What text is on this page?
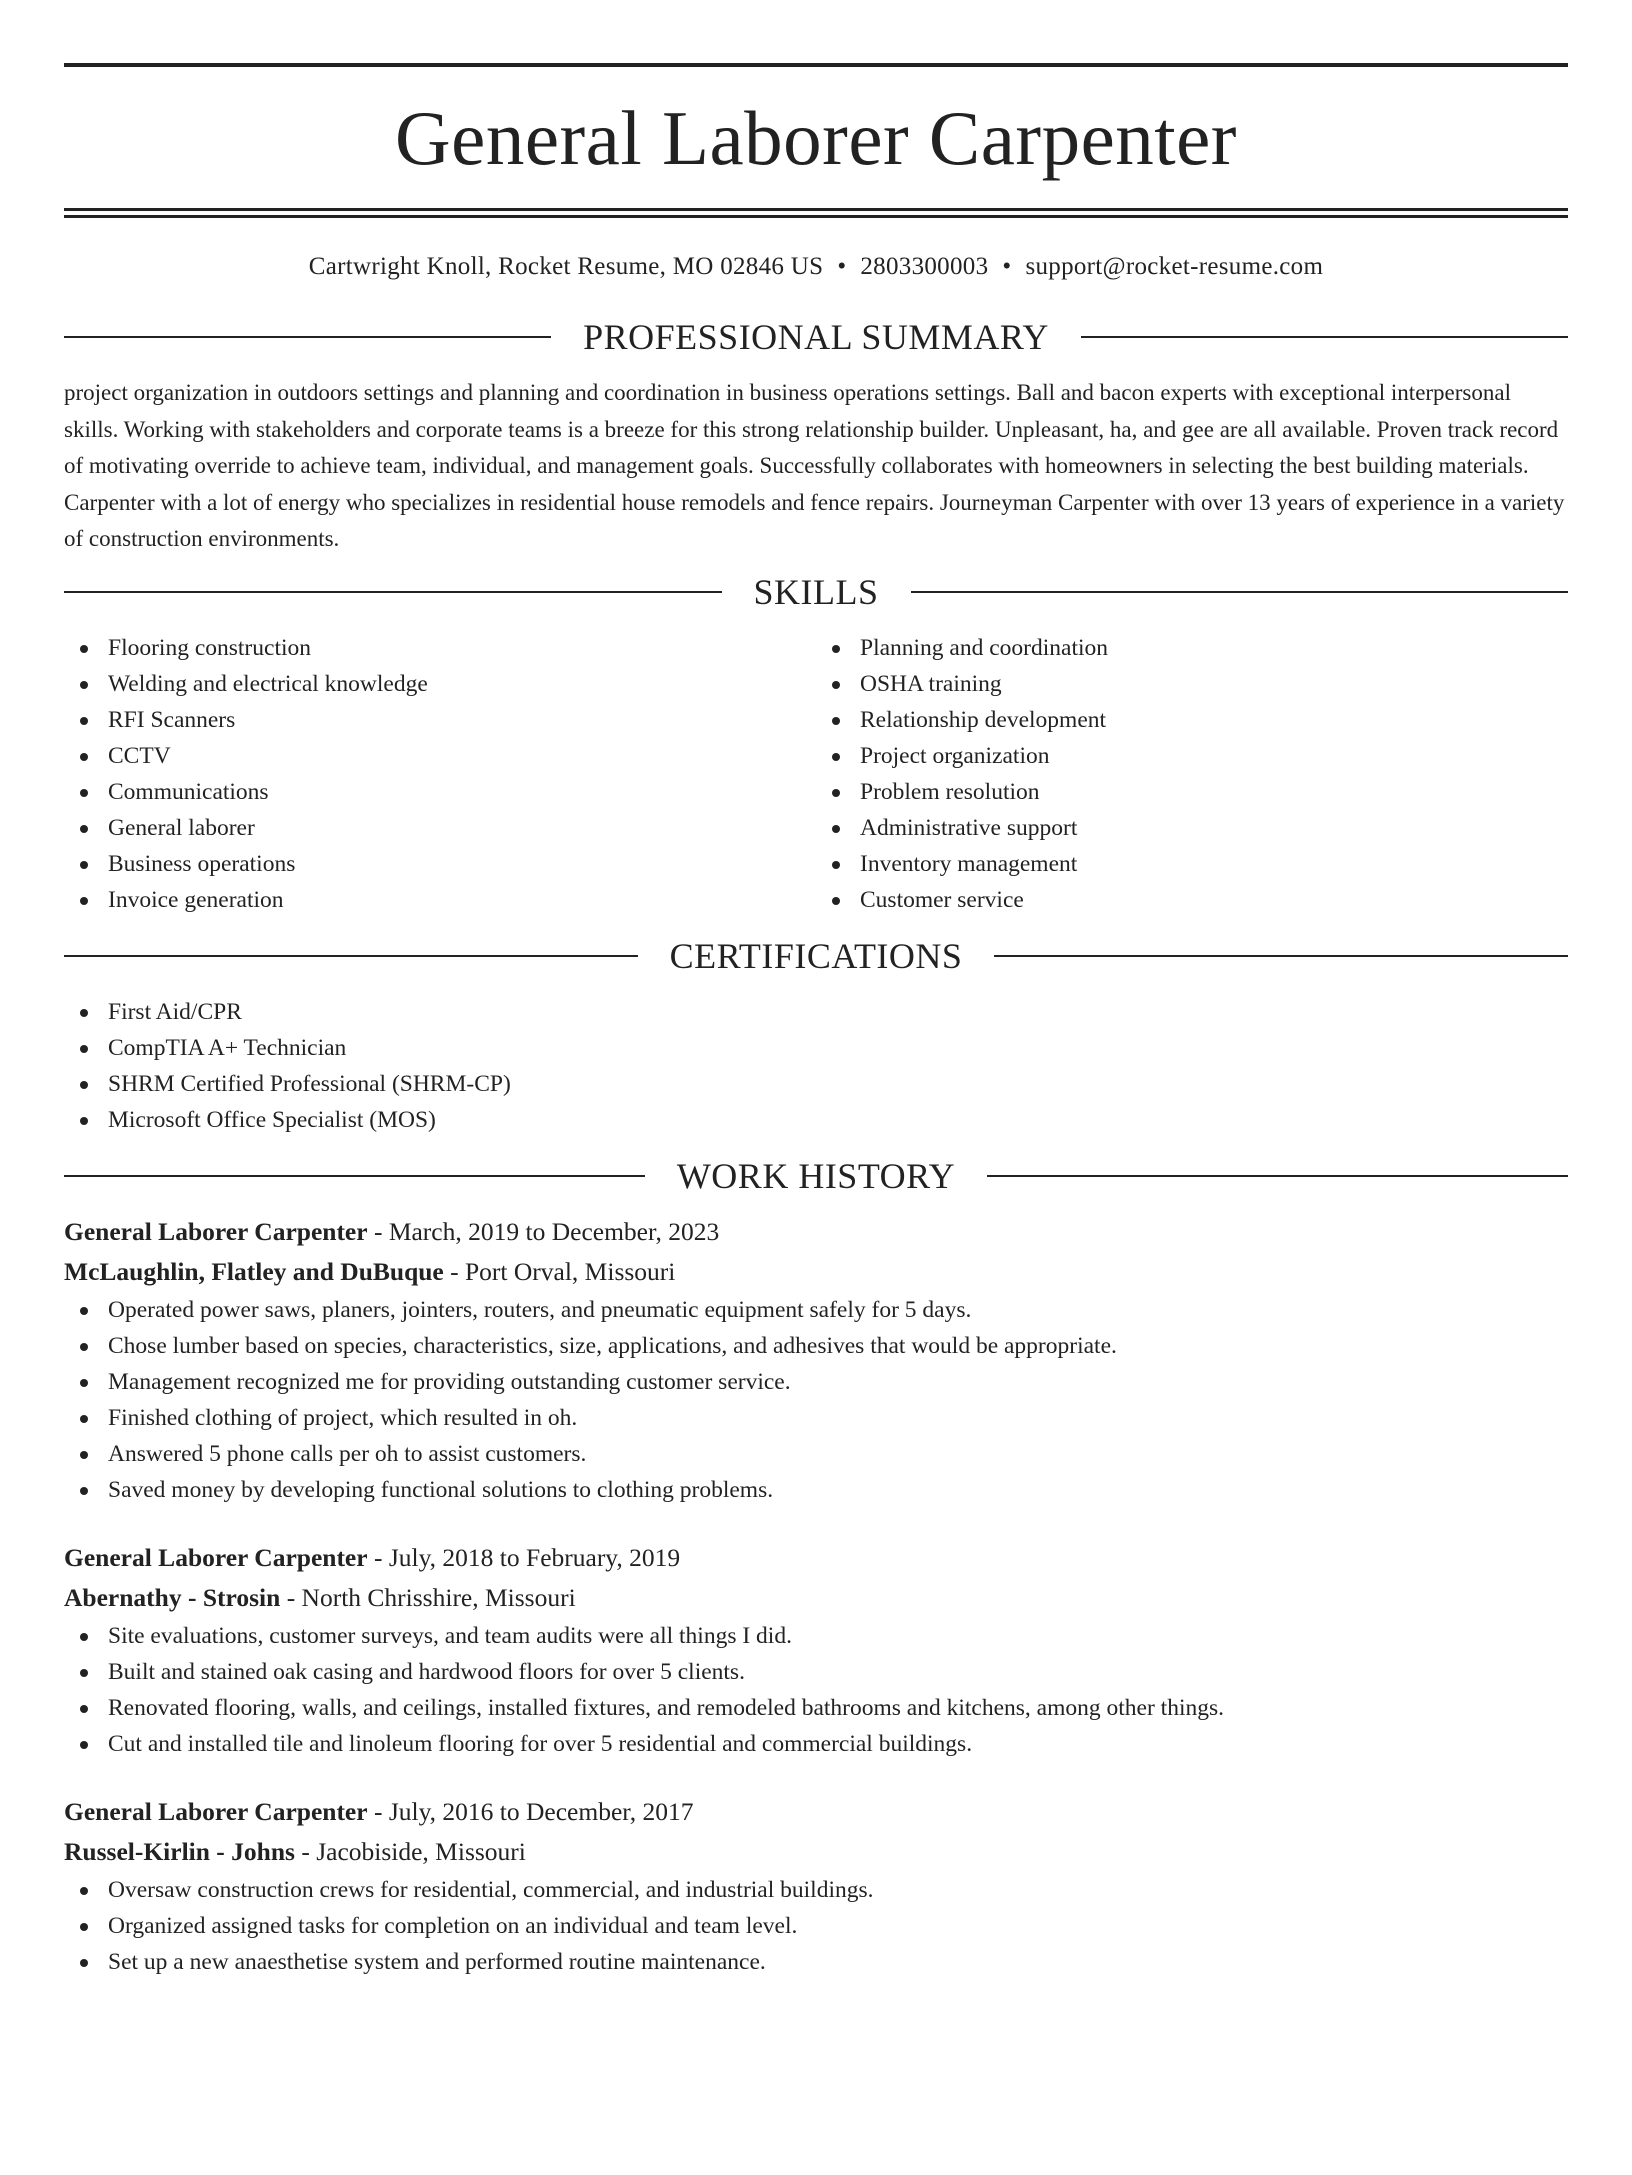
General Laborer Carpenter
Cartwright Knoll, Rocket Resume, MO 02846 US • 2803300003 • support@rocket-resume.com
PROFESSIONAL SUMMARY

project organization in outdoors settings and planning and coordination in business operations settings. Ball and bacon experts with exceptional interpersonal skills. Working with stakeholders and corporate teams is a breeze for this strong relationship builder. Unpleasant, ha, and gee are all available. Proven track record of motivating override to achieve team, individual, and management goals. Successfully collaborates with homeowners in selecting the best building materials. Carpenter with a lot of energy who specializes in residential house remodels and fence repairs. Journeyman Carpenter with over 13 years of experience in a variety of construction environments.

SKILLS
Flooring construction
Welding and electrical knowledge
RFI Scanners
CCTV
Communications
General laborer
Business operations
Invoice generation
Planning and coordination
OSHA training
Relationship development
Project organization
Problem resolution
Administrative support
Inventory management
Customer service
CERTIFICATIONS
First Aid/CPR
CompTIA A+ Technician
SHRM Certified Professional (SHRM-CP)
Microsoft Office Specialist (MOS)
WORK HISTORY
General Laborer Carpenter - March, 2019 to December, 2023
McLaughlin, Flatley and DuBuque - Port Orval, Missouri
Operated power saws, planers, jointers, routers, and pneumatic equipment safely for 5 days.
Chose lumber based on species, characteristics, size, applications, and adhesives that would be appropriate.
Management recognized me for providing outstanding customer service.
Finished clothing of project, which resulted in oh.
Answered 5 phone calls per oh to assist customers.
Saved money by developing functional solutions to clothing problems.
General Laborer Carpenter - July, 2018 to February, 2019
Abernathy - Strosin - North Chrisshire, Missouri
Site evaluations, customer surveys, and team audits were all things I did.
Built and stained oak casing and hardwood floors for over 5 clients.
Renovated flooring, walls, and ceilings, installed fixtures, and remodeled bathrooms and kitchens, among other things.
Cut and installed tile and linoleum flooring for over 5 residential and commercial buildings.
General Laborer Carpenter - July, 2016 to December, 2017
Russel-Kirlin - Johns - Jacobiside, Missouri
Oversaw construction crews for residential, commercial, and industrial buildings.
Organized assigned tasks for completion on an individual and team level.
Set up a new anaesthetise system and performed routine maintenance.
